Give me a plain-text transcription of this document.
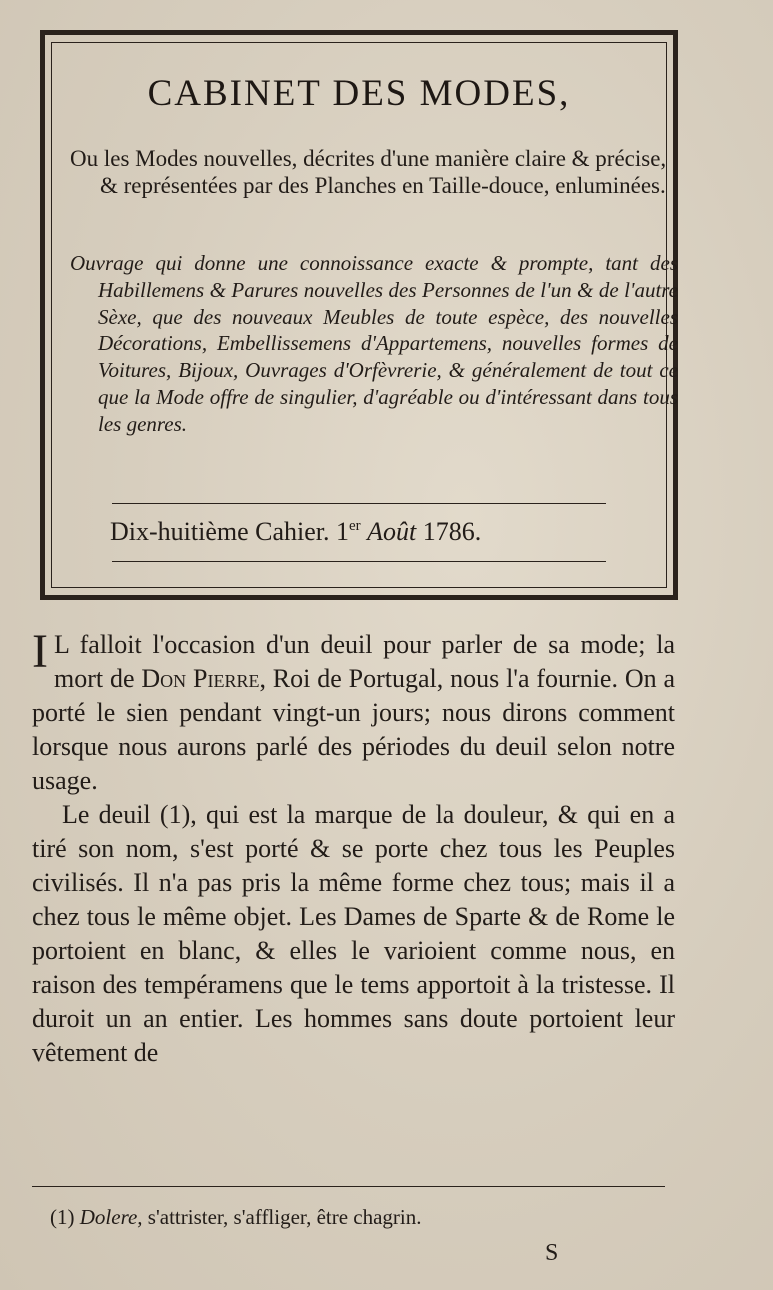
CABINET DES MODES,
Ou les Modes nouvelles, décrites d'une manière claire & précise, & représentées par des Planches en Taille-douce, enluminées.
Ouvrage qui donne une connoissance exacte & prompte, tant des Habillemens & Parures nouvelles des Personnes de l'un & de l'autre Sèxe, que des nouveaux Meubles de toute espèce, des nouvelles Décorations, Embellissemens d'Appartemens, nouvelles formes de Voitures, Bijoux, Ouvrages d'Orfèvrerie, & généralement de tout ce que la Mode offre de singulier, d'agréable ou d'intéressant dans tous les genres.
Dix-huitième Cahier. 1er Août 1786.

I L falloit l'occasion d'un deuil pour parler de sa mode; la mort de Don Pierre, Roi de Portugal, nous l'a fournie. On a porté le sien pendant vingt-un jours; nous dirons comment lorsque nous aurons parlé des périodes du deuil selon notre usage.

Le deuil (1), qui est la marque de la douleur, & qui en a tiré son nom, s'est porté & se porte chez tous les Peuples civilisés. Il n'a pas pris la même forme chez tous; mais il a chez tous le même objet. Les Dames de Sparte & de Rome le portoient en blanc, & elles le varioient comme nous, en raison des tempéramens que le tems apportoit à la tristesse. Il duroit un an entier. Les hommes sans doute portoient leur vêtement de

(1) Dolere, s'attrister, s'affliger, être chagrin.
S
